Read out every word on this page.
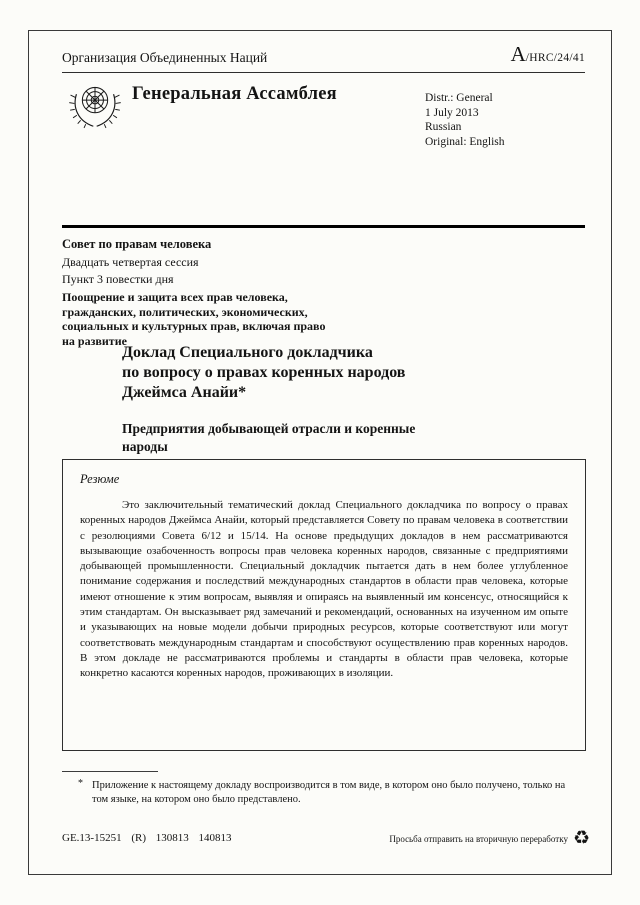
Организация Объединенных Наций	A /HRC/24/41
Генеральная Ассамблея	Distr.: General
1 July 2013
Russian
Original: English
Совет по правам человека
Двадцать четвертая сессия
Пункт 3 повестки дня
Поощрение и защита всех прав человека,
гражданских, политических, экономических,
социальных и культурных прав, включая право
на развитие
Доклад Специального докладчика
по вопросу о правах коренных народов
Джеймса Анайи*
Предприятия добывающей отрасли и коренные
народы
Резюме
Это заключительный тематический доклад Специального докладчика по вопросу о правах коренных народов Джеймса Анайи, который представляется Совету по правам человека в соответствии с резолюциями Совета 6/12 и 15/14. На основе предыдущих докладов в нем рассматриваются вызывающие озабоченность вопросы прав человека коренных народов, связанные с предприятиями добывающей промышленности. Специальный докладчик пытается дать в нем более углубленное понимание содержания и последствий международных стандартов в области прав человека, которые имеют отношение к этим вопросам, выявляя и опираясь на выявленный им консенсус, относящийся к этим стандартам. Он высказывает ряд замечаний и рекомендаций, основанных на изученном им опыте и указывающих на новые модели добычи природных ресурсов, которые соответствуют или могут соответствовать международным стандартам и способствуют осуществлению прав коренных народов. В этом докладе не рассматриваются проблемы и стандарты в области прав человека, которые конкретно касаются коренных народов, проживающих в изоляции.
* Приложение к настоящему докладу воспроизводится в том виде, в котором оно было получено, только на том языке, на котором оно было представлено.
GE.13-15251 (R) 130813 140813	Просьба отправить на вторичную переработку ♻
